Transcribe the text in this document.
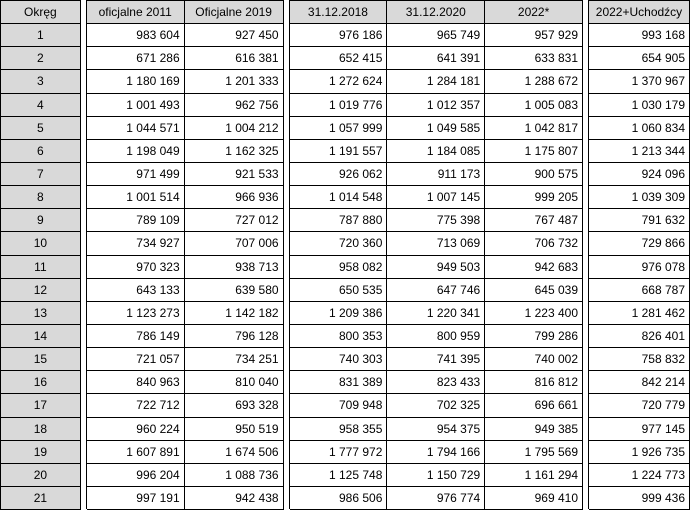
Okręg		oficjalne 2011	Oficjalne 2019		31.12.2018	31.12.2020	2022*		2022+Uchodźcy
1		983 604	927 450		976 186	965 749	957 929		993 168
2		671 286	616 381		652 415	641 391	633 831		654 905
3		1 180 169	1 201 333		1 272 624	1 284 181	1 288 672		1 370 967
4		1 001 493	962 756		1 019 776	1 012 357	1 005 083		1 030 179
5		1 044 571	1 004 212		1 057 999	1 049 585	1 042 817		1 060 834
6		1 198 049	1 162 325		1 191 557	1 184 085	1 175 807		1 213 344
7		971 499	921 533		926 062	911 173	900 575		924 096
8		1 001 514	966 936		1 014 548	1 007 145	999 205		1 039 309
9		789 109	727 012		787 880	775 398	767 487		791 632
10		734 927	707 006		720 360	713 069	706 732		729 866
11		970 323	938 713		958 082	949 503	942 683		976 078
12		643 133	639 580		650 535	647 746	645 039		668 787
13		1 123 273	1 142 182		1 209 386	1 220 341	1 223 400		1 281 462
14		786 149	796 128		800 353	800 959	799 286		826 401
15		721 057	734 251		740 303	741 395	740 002		758 832
16		840 963	810 040		831 389	823 433	816 812		842 214
17		722 712	693 328		709 948	702 325	696 661		720 779
18		960 224	950 519		958 355	954 375	949 385		977 145
19		1 607 891	1 674 506		1 777 972	1 794 166	1 795 569		1 926 735
20		996 204	1 088 736		1 125 748	1 150 729	1 161 294		1 224 773
21		997 191	942 438		986 506	976 774	969 410		999 436
